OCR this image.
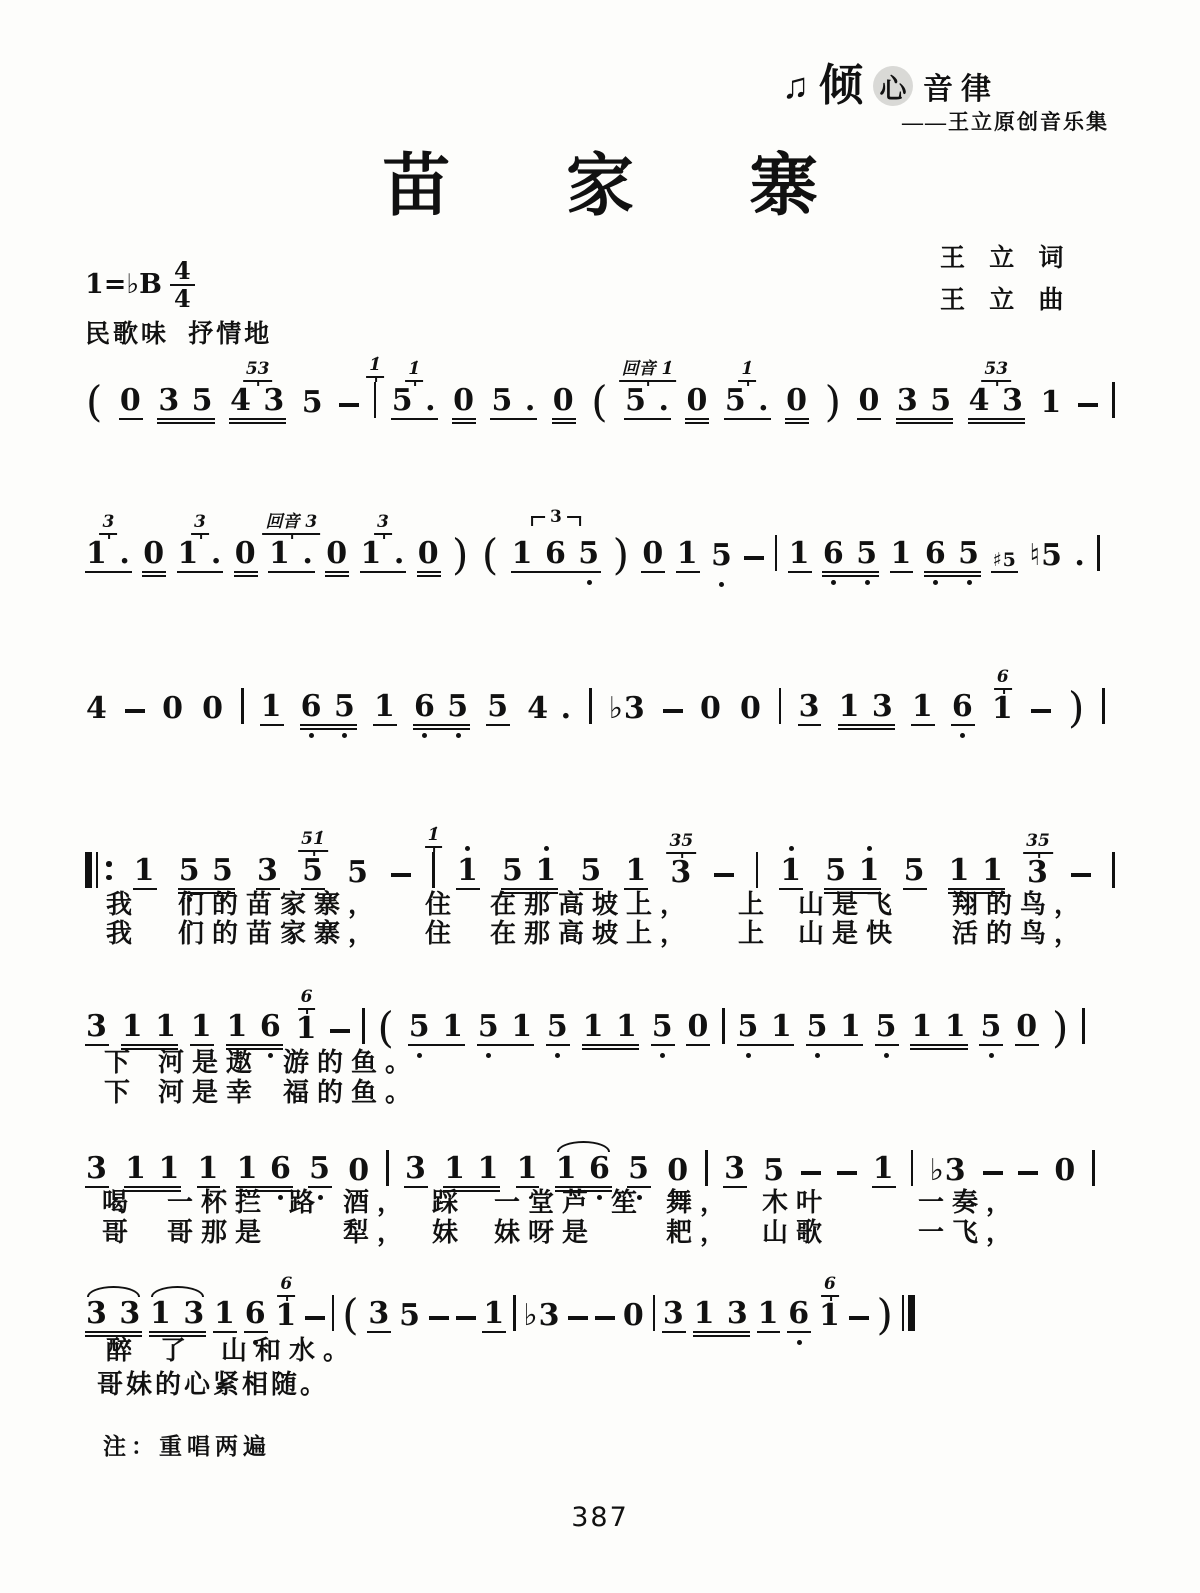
♫ 倾 心 音律
——王立原创音乐集
苗 家 寨
王 立 词
王 立 曲
1=♭B $\frac{4}{4}$
民歌味 抒情地
( 0 3 5
53
4 3 5
1̇ 1̇
5 . 0 5 . 0 (
回音 1̇
5 . 0
1̇
5 . 0 ) 0 3 5
53
4 3 1
3
1 . 0
3
1 . 0
回音 3
1 . 0
3
1 . 0 ) (
3
1 6 5 ) 0 1 5 1 6 5 1 6 5 ♯5 ♮5 .
4 0 0 1 6 5 1 6 5 5 4 . ♭3 0 0 3 1 3 1 6
6
1 )
1 5 5 3
51̇
5 5
1̇
1 5 1 5 1
35
3	1 5 1 5 1 1
35
3
3 1 1 1 1 6
6
1 ( 5 1 5 1 5 1 1 5 0 5 1 5 1 5 1 1 5 0 )
3 1 1 1 1 6 5 0 3 1 1 1 1 6 5 0 3 5	1 ♭3	0
3 3 1 3 1 6
6
1 ( 3 5 1 ♭3 0 3 1 3 1 6
6
1 )
我 们的苗家寨， 住 在那高坡上， 上 山是飞 翔的鸟，
我 们的苗家寨， 住 在那高坡上， 上 山是快 活的鸟，
下 河是遨 游的鱼。
下 河是幸 福的鱼。
喝 一杯拦 路 酒， 踩 一堂芦 笙 舞， 木叶	一 奏，
哥 哥那是	犁， 妹 妹呀是	耙， 山歌	一 飞，
醉 了 山和水。
哥妹的心紧相随。
注：重唱两遍
387
